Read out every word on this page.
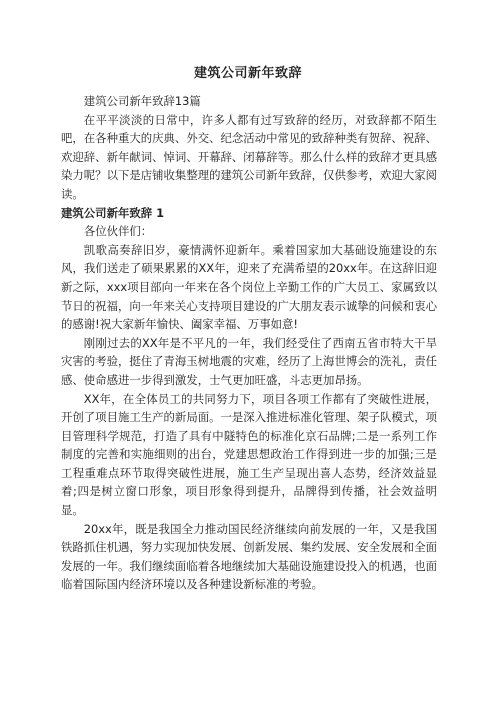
建筑公司新年致辞

建筑公司新年致辞13篇

在平平淡淡的日常中，许多人都有过写致辞的经历，对致辞都不陌生吧，在各种重大的庆典、外交、纪念活动中常见的致辞种类有贺辞、祝辞、欢迎辞、新年献词、悼词、开幕辞、闭幕辞等。那么什么样的致辞才更具感染力呢？以下是店铺收集整理的建筑公司新年致辞，仅供参考，欢迎大家阅读。

建筑公司新年致辞 1

各位伙伴们：

凯歌高奏辞旧岁，豪情满怀迎新年。乘着国家加大基础设施建设的东风，我们送走了硕果累累的XX年，迎来了充满希望的20xx年。在这辞旧迎新之际，xxx项目部向一年来在各个岗位上辛勤工作的广大员工、家属致以节日的祝福，向一年来关心支持项目建设的广大朋友表示诚挚的问候和衷心的感谢!祝大家新年愉快、阖家幸福、万事如意!

刚刚过去的XX年是不平凡的一年，我们经受住了西南五省市特大干旱灾害的考验，挺住了青海玉树地震的灾难，经历了上海世博会的洗礼，责任感、使命感进一步得到激发，士气更加旺盛，斗志更加昂扬。

XX年，在全体员工的共同努力下，项目各项工作都有了突破性进展，开创了项目施工生产的新局面。一是深入推进标准化管理、架子队模式，项目管理科学规范，打造了具有中隧特色的标准化京石品牌;二是一系列工作制度的完善和实施细则的出台，党建思想政治工作得到进一步的加强;三是工程重难点环节取得突破性进展，施工生产呈现出喜人态势，经济效益显着;四是树立窗口形象，项目形象得到提升，品牌得到传播，社会效益明显。

20xx年，既是我国全力推动国民经济继续向前发展的一年，又是我国铁路抓住机遇，努力实现加快发展、创新发展、集约发展、安全发展和全面发展的一年。我们继续面临着各地继续加大基础设施建设投入的机遇，也面临着国际国内经济环境以及各种建设新标准的考验。
